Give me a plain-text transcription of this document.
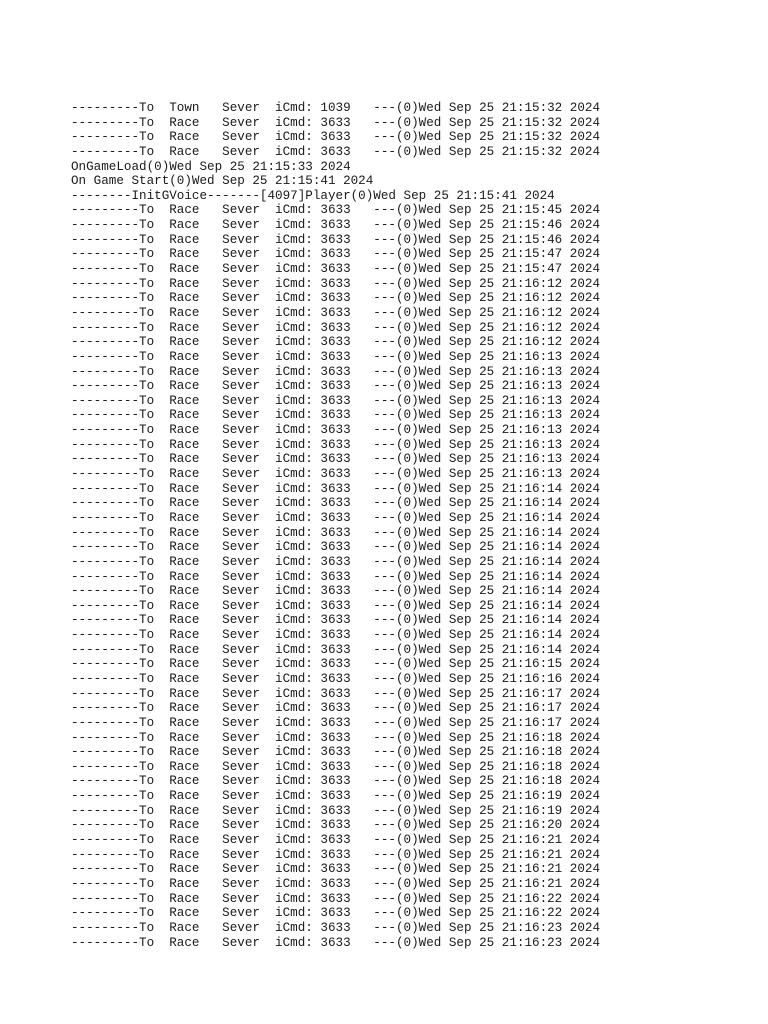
---------To  Town   Sever  iCmd: 1039   ---(0)Wed Sep 25 21:15:32 2024
---------To  Race   Sever  iCmd: 3633   ---(0)Wed Sep 25 21:15:32 2024
---------To  Race   Sever  iCmd: 3633   ---(0)Wed Sep 25 21:15:32 2024
---------To  Race   Sever  iCmd: 3633   ---(0)Wed Sep 25 21:15:32 2024
OnGameLoad(0)Wed Sep 25 21:15:33 2024
On Game Start(0)Wed Sep 25 21:15:41 2024
--------InitGVoice-------[4097]Player(0)Wed Sep 25 21:15:41 2024
---------To  Race   Sever  iCmd: 3633   ---(0)Wed Sep 25 21:15:45 2024
---------To  Race   Sever  iCmd: 3633   ---(0)Wed Sep 25 21:15:46 2024
---------To  Race   Sever  iCmd: 3633   ---(0)Wed Sep 25 21:15:46 2024
---------To  Race   Sever  iCmd: 3633   ---(0)Wed Sep 25 21:15:47 2024
---------To  Race   Sever  iCmd: 3633   ---(0)Wed Sep 25 21:15:47 2024
---------To  Race   Sever  iCmd: 3633   ---(0)Wed Sep 25 21:16:12 2024
---------To  Race   Sever  iCmd: 3633   ---(0)Wed Sep 25 21:16:12 2024
---------To  Race   Sever  iCmd: 3633   ---(0)Wed Sep 25 21:16:12 2024
---------To  Race   Sever  iCmd: 3633   ---(0)Wed Sep 25 21:16:12 2024
---------To  Race   Sever  iCmd: 3633   ---(0)Wed Sep 25 21:16:12 2024
---------To  Race   Sever  iCmd: 3633   ---(0)Wed Sep 25 21:16:13 2024
---------To  Race   Sever  iCmd: 3633   ---(0)Wed Sep 25 21:16:13 2024
---------To  Race   Sever  iCmd: 3633   ---(0)Wed Sep 25 21:16:13 2024
---------To  Race   Sever  iCmd: 3633   ---(0)Wed Sep 25 21:16:13 2024
---------To  Race   Sever  iCmd: 3633   ---(0)Wed Sep 25 21:16:13 2024
---------To  Race   Sever  iCmd: 3633   ---(0)Wed Sep 25 21:16:13 2024
---------To  Race   Sever  iCmd: 3633   ---(0)Wed Sep 25 21:16:13 2024
---------To  Race   Sever  iCmd: 3633   ---(0)Wed Sep 25 21:16:13 2024
---------To  Race   Sever  iCmd: 3633   ---(0)Wed Sep 25 21:16:13 2024
---------To  Race   Sever  iCmd: 3633   ---(0)Wed Sep 25 21:16:14 2024
---------To  Race   Sever  iCmd: 3633   ---(0)Wed Sep 25 21:16:14 2024
---------To  Race   Sever  iCmd: 3633   ---(0)Wed Sep 25 21:16:14 2024
---------To  Race   Sever  iCmd: 3633   ---(0)Wed Sep 25 21:16:14 2024
---------To  Race   Sever  iCmd: 3633   ---(0)Wed Sep 25 21:16:14 2024
---------To  Race   Sever  iCmd: 3633   ---(0)Wed Sep 25 21:16:14 2024
---------To  Race   Sever  iCmd: 3633   ---(0)Wed Sep 25 21:16:14 2024
---------To  Race   Sever  iCmd: 3633   ---(0)Wed Sep 25 21:16:14 2024
---------To  Race   Sever  iCmd: 3633   ---(0)Wed Sep 25 21:16:14 2024
---------To  Race   Sever  iCmd: 3633   ---(0)Wed Sep 25 21:16:14 2024
---------To  Race   Sever  iCmd: 3633   ---(0)Wed Sep 25 21:16:14 2024
---------To  Race   Sever  iCmd: 3633   ---(0)Wed Sep 25 21:16:14 2024
---------To  Race   Sever  iCmd: 3633   ---(0)Wed Sep 25 21:16:15 2024
---------To  Race   Sever  iCmd: 3633   ---(0)Wed Sep 25 21:16:16 2024
---------To  Race   Sever  iCmd: 3633   ---(0)Wed Sep 25 21:16:17 2024
---------To  Race   Sever  iCmd: 3633   ---(0)Wed Sep 25 21:16:17 2024
---------To  Race   Sever  iCmd: 3633   ---(0)Wed Sep 25 21:16:17 2024
---------To  Race   Sever  iCmd: 3633   ---(0)Wed Sep 25 21:16:18 2024
---------To  Race   Sever  iCmd: 3633   ---(0)Wed Sep 25 21:16:18 2024
---------To  Race   Sever  iCmd: 3633   ---(0)Wed Sep 25 21:16:18 2024
---------To  Race   Sever  iCmd: 3633   ---(0)Wed Sep 25 21:16:18 2024
---------To  Race   Sever  iCmd: 3633   ---(0)Wed Sep 25 21:16:19 2024
---------To  Race   Sever  iCmd: 3633   ---(0)Wed Sep 25 21:16:19 2024
---------To  Race   Sever  iCmd: 3633   ---(0)Wed Sep 25 21:16:20 2024
---------To  Race   Sever  iCmd: 3633   ---(0)Wed Sep 25 21:16:21 2024
---------To  Race   Sever  iCmd: 3633   ---(0)Wed Sep 25 21:16:21 2024
---------To  Race   Sever  iCmd: 3633   ---(0)Wed Sep 25 21:16:21 2024
---------To  Race   Sever  iCmd: 3633   ---(0)Wed Sep 25 21:16:21 2024
---------To  Race   Sever  iCmd: 3633   ---(0)Wed Sep 25 21:16:22 2024
---------To  Race   Sever  iCmd: 3633   ---(0)Wed Sep 25 21:16:22 2024
---------To  Race   Sever  iCmd: 3633   ---(0)Wed Sep 25 21:16:23 2024
---------To  Race   Sever  iCmd: 3633   ---(0)Wed Sep 25 21:16:23 2024
